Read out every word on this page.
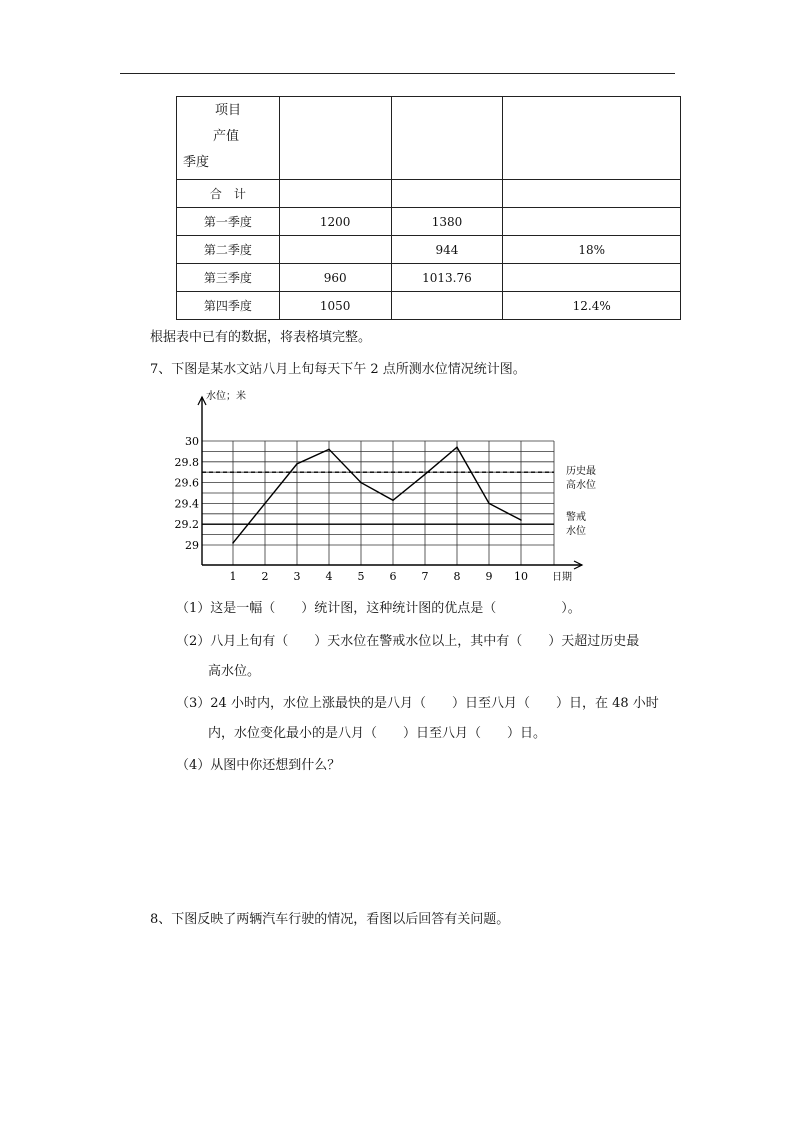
项目
产值
季度			

合　计			
第一季度	1200	1380	
第二季度		944	18%
第三季度	960	1013.76	
第四季度	1050		12.4%
根据表中已有的数据，将表格填完整。
7、下图是某水文站八月上旬每天下午 2 点所测水位情况统计图。
历史最
高水位
警戒
水位
30
29.8
29.6
29.4
29.2
29
1 2 3 4 5 6 7 8 9 10 日期
水位；米
（1）这是一幅（　　）统计图，这种统计图的优点是（　　　　　）。
（2）八月上旬有（　　）天水位在警戒水位以上，其中有（　　）天超过历史最
高水位。
（3）24 小时内，水位上涨最快的是八月（　　）日至八月（　　）日，在 48 小时
内，水位变化最小的是八月（　　）日至八月（　　）日。
（4）从图中你还想到什么？
8、下图反映了两辆汽车行驶的情况，看图以后回答有关问题。
